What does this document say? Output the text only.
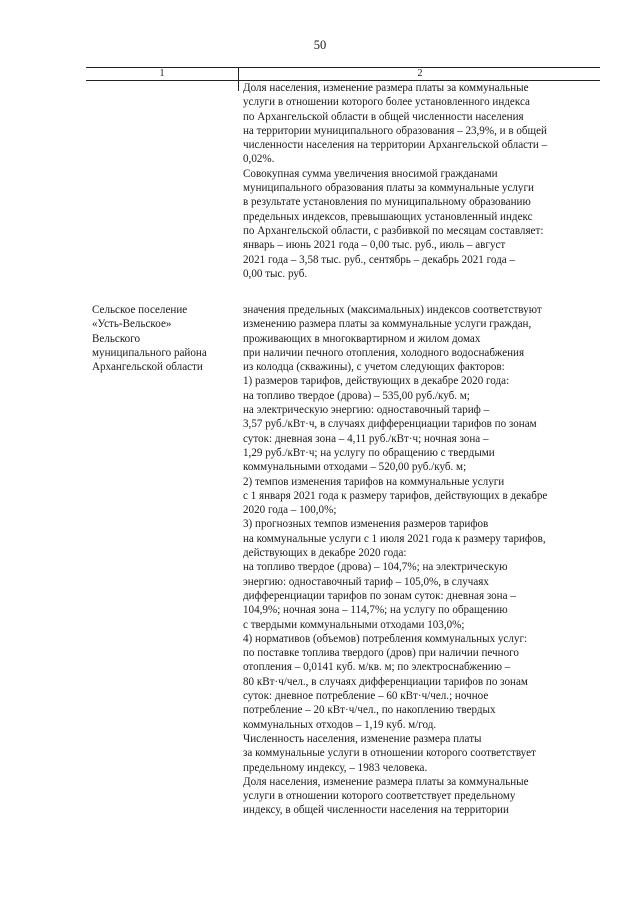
50
1	2
Доля населения, изменение размера платы за коммунальные
услуги в отношении которого более установленного индекса
по Архангельской области в общей численности населения
на территории муниципального образования – 23,9%, и в общей
численности населения на территории Архангельской области –
0,02%.
Совокупная сумма увеличения вносимой гражданами
муниципального образования платы за коммунальные услуги
в результате установления по муниципальному образованию
предельных индексов, превышающих установленный индекс
по Архангельской области, с разбивкой по месяцам составляет:
январь – июнь 2021 года – 0,00 тыс. руб., июль – август
2021 года – 3,58 тыс. руб., сентябрь – декабрь 2021 года –
0,00 тыс. руб.
Сельское поселение
«Усть-Вельское»
Вельского
муниципального района
Архангельской области
значения предельных (максимальных) индексов соответствуют
изменению размера платы за коммунальные услуги граждан,
проживающих в многоквартирном и жилом домах
при наличии печного отопления, холодного водоснабжения
из колодца (скважины), с учетом следующих факторов:
1) размеров тарифов, действующих в декабре 2020 года:
на топливо твердое (дрова) – 535,00 руб./куб. м;
на электрическую энергию: одноставочный тариф –
3,57 руб./кВт·ч, в случаях дифференциации тарифов по зонам
суток: дневная зона – 4,11 руб./кВт·ч; ночная зона –
1,29 руб./кВт·ч; на услугу по обращению с твердыми
коммунальными отходами – 520,00 руб./куб. м;
2) темпов изменения тарифов на коммунальные услуги
с 1 января 2021 года к размеру тарифов, действующих в декабре
2020 года – 100,0%;
3) прогнозных темпов изменения размеров тарифов
на коммунальные услуги с 1 июля 2021 года к размеру тарифов,
действующих в декабре 2020 года:
на топливо твердое (дрова) – 104,7%; на электрическую
энергию: одноставочный тариф – 105,0%, в случаях
дифференциации тарифов по зонам суток: дневная зона –
104,9%; ночная зона – 114,7%; на услугу по обращению
с твердыми коммунальными отходами 103,0%;
4) нормативов (объемов) потребления коммунальных услуг:
по поставке топлива твердого (дров) при наличии печного
отопления – 0,0141 куб. м/кв. м; по электроснабжению –
80 кВт·ч/чел., в случаях дифференциации тарифов по зонам
суток: дневное потребление – 60 кВт·ч/чел.; ночное
потребление – 20 кВт·ч/чел., по накоплению твердых
коммунальных отходов – 1,19 куб. м/год.
Численность населения, изменение размера платы
за коммунальные услуги в отношении которого соответствует
предельному индексу, – 1983 человека.
Доля населения, изменение размера платы за коммунальные
услуги в отношении которого соответствует предельному
индексу, в общей численности населения на территории
